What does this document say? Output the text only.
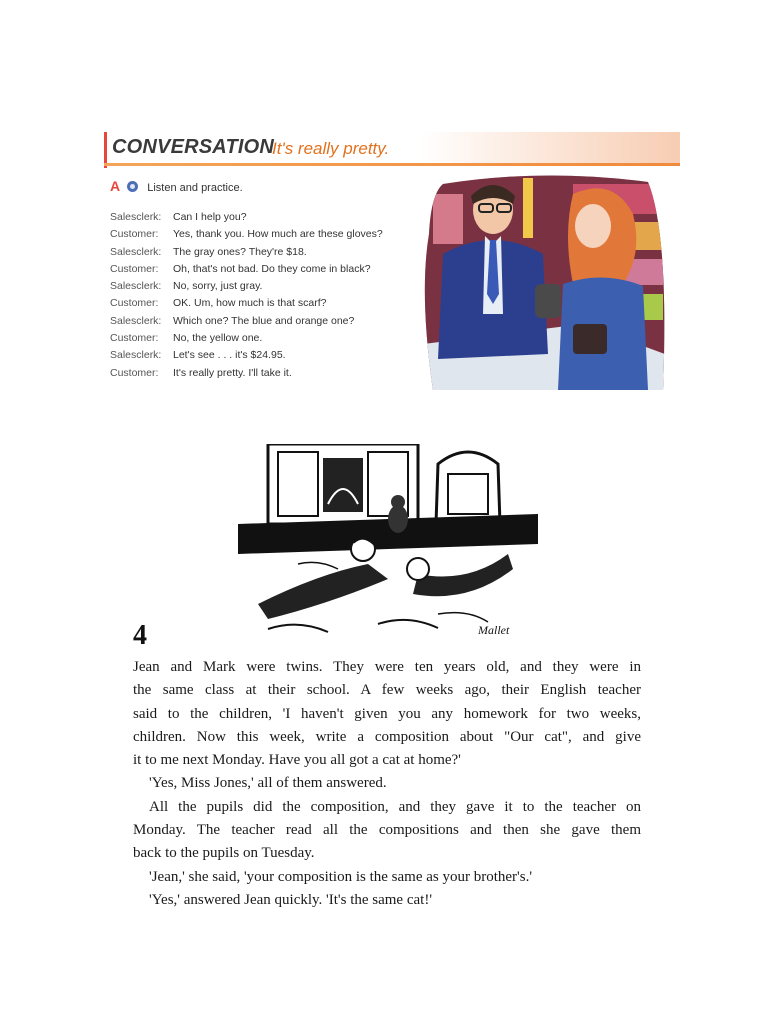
CONVERSATION
It's really pretty.
A Listen and practice.
Salesclerk: Can I help you?
Customer: Yes, thank you. How much are these gloves?
Salesclerk: The gray ones? They're $18.
Customer: Oh, that's not bad. Do they come in black?
Salesclerk: No, sorry, just gray.
Customer: OK. Um, how much is that scarf?
Salesclerk: Which one? The blue and orange one?
Customer: No, the yellow one.
Salesclerk: Let's see . . . it's $24.95.
Customer: It's really pretty. I'll take it.
Mallet
4
Jean and Mark were twins. They were ten years old, and they were in
the same class at their school. A few weeks ago, their English teacher
said to the children, 'I haven't given you any homework for two weeks,
children. Now this week, write a composition about "Our cat", and give
it to me next Monday. Have you all got a cat at home?'
'Yes, Miss Jones,' all of them answered.
All the pupils did the composition, and they gave it to the teacher on
Monday. The teacher read all the compositions and then she gave them
back to the pupils on Tuesday.
'Jean,' she said, 'your composition is the same as your brother's.'
'Yes,' answered Jean quickly. 'It's the same cat!'
